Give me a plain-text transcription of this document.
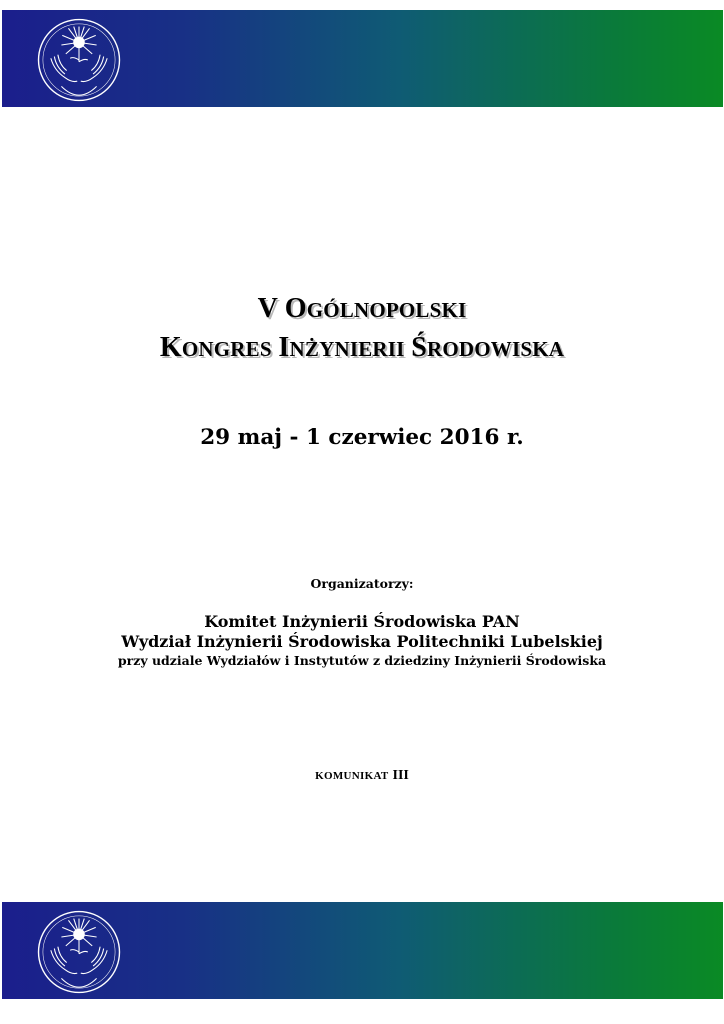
V OGÓLNOPOLSKI
KONGRES INŻYNIERII ŚRODOWISKA
29 maj - 1 czerwiec 2016 r.
Organizatorzy:
Komitet Inżynierii Środowiska PAN
Wydział Inżynierii Środowiska Politechniki Lubelskiej
przy udziale Wydziałów i Instytutów z dziedziny Inżynierii Środowiska
KOMUNIKAT III
